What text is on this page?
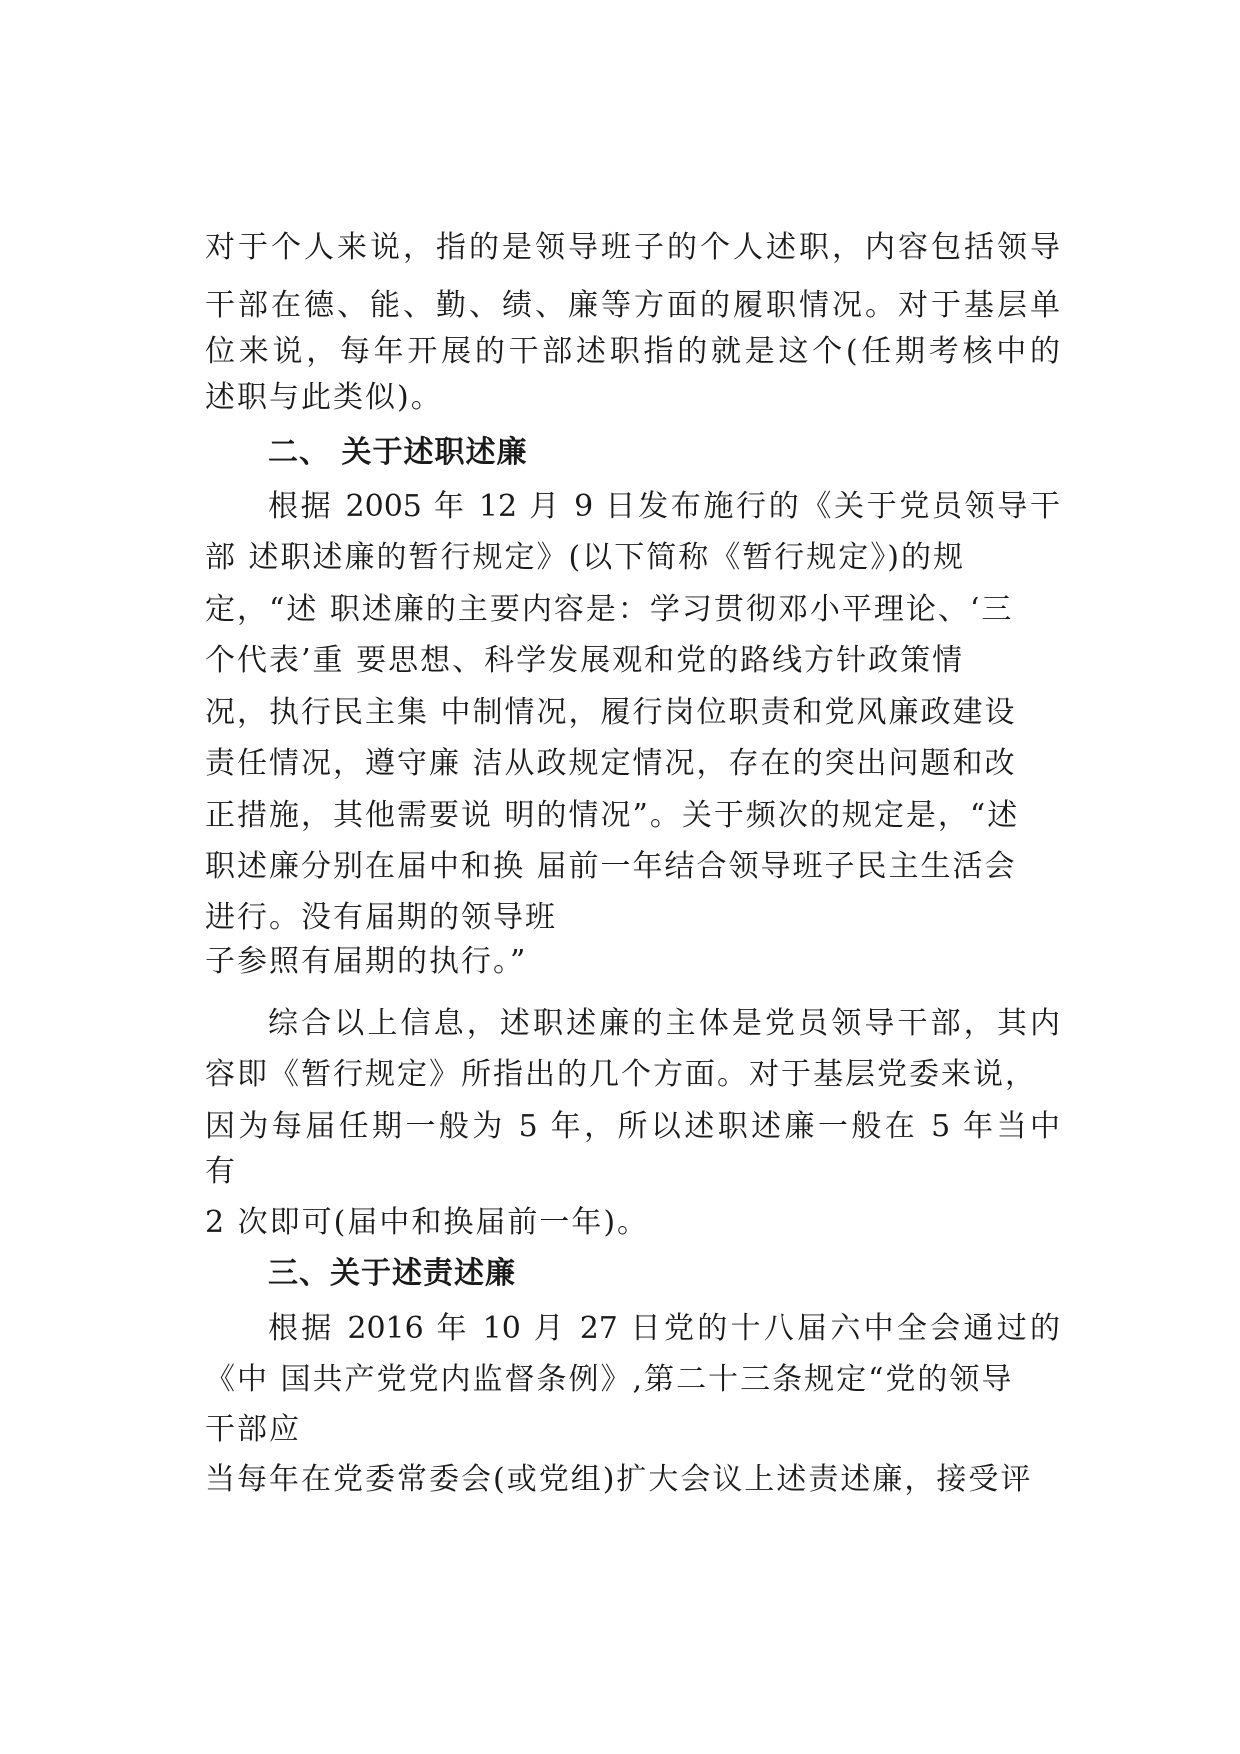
对于个人来说，指的是领导班子的个人述职，内容包括领导
干部在德、能、勤、绩、廉等方面的履职情况。对于基层单
位来说，每年开展的干部述职指的就是这个(任期考核中的
述职与此类似)。
二、 关于述职述廉
根据 2005 年 12 月 9 日发布施行的《关于党员领导干
部 述职述廉的暂行规定》(以下简称《暂行规定》)的规
定，“述 职述廉的主要内容是：学习贯彻邓小平理论、‘三
个代表’重 要思想、科学发展观和党的路线方针政策情
况，执行民主集 中制情况，履行岗位职责和党风廉政建设
责任情况，遵守廉 洁从政规定情况，存在的突出问题和改
正措施，其他需要说 明的情况”。关于频次的规定是，“述
职述廉分别在届中和换 届前一年结合领导班子民主生活会
进行。没有届期的领导班
子参照有届期的执行。”
综合以上信息，述职述廉的主体是党员领导干部，其内
容即《暂行规定》所指出的几个方面。对于基层党委来说，
因为每届任期一般为 5 年，所以述职述廉一般在 5 年当中
有
2 次即可(届中和换届前一年)。
三、关于述责述廉
根据 2016 年 10 月 27 日党的十八届六中全会通过的
《中 国共产党党内监督条例》,第二十三条规定“党的领导
干部应
当每年在党委常委会(或党组)扩大会议上述责述廉，接受评
